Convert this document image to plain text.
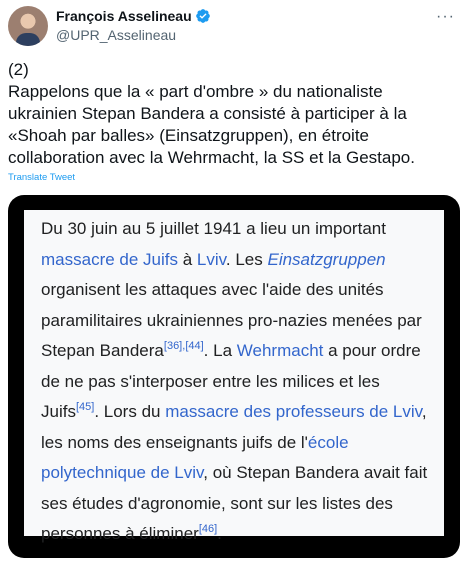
François Asselineau
@UPR_Asselineau
···
(2)
Rappelons que la « part d'ombre » du nationaliste
ukrainien Stepan Bandera a consisté à participer à la
«Shoah par balles» (Einsatzgruppen), en étroite
collaboration avec la Wehrmacht, la SS et la Gestapo.
Translate Tweet
Du 30 juin au 5 juillet 1941 a lieu un important
massacre de Juifs à Lviv. Les Einsatzgruppen
organisent les attaques avec l'aide des unités
paramilitaires ukrainiennes pro-nazies menées par
Stepan Bandera[36],[44]. La Wehrmacht a pour ordre
de ne pas s'interposer entre les milices et les
Juifs[45]. Lors du massacre des professeurs de Lviv,
les noms des enseignants juifs de l'école
polytechnique de Lviv, où Stepan Bandera avait fait
ses études d'agronomie, sont sur les listes des
personnes à éliminer[46].
